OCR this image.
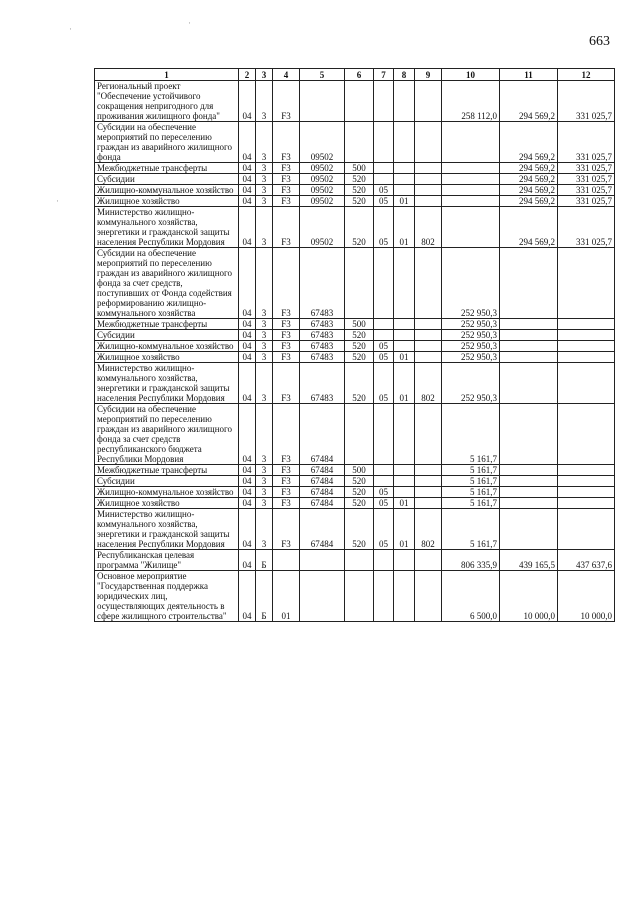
663
1	2	3	4	5	6	7	8	9	10	11	12
Региональный проект "Обеспечение устойчивого сокращения непригодного для проживания жилищного фонда"	04	3	F3						258 112,0	294 569,2	331 025,7
Субсидии на обеспечение мероприятий по переселению граждан из аварийного жилищного фонда	04	3	F3	09502						294 569,2	331 025,7
Межбюджетные трансферты	04	3	F3	09502	500					294 569,2	331 025,7
Субсидии	04	3	F3	09502	520					294 569,2	331 025,7
Жилищно-коммунальное хозяйство	04	3	F3	09502	520	05				294 569,2	331 025,7
Жилищное хозяйство	04	3	F3	09502	520	05	01			294 569,2	331 025,7
Министерство жилищно-коммунального хозяйства, энергетики и гражданской защиты населения Республики Мордовия	04	3	F3	09502	520	05	01	802		294 569,2	331 025,7
Субсидии на обеспечение мероприятий по переселению граждан из аварийного жилищного фонда за счет средств, поступивших от Фонда содействия реформированию жилищно-коммунального хозяйства	04	3	F3	67483					252 950,3		
Межбюджетные трансферты	04	3	F3	67483	500				252 950,3		
Субсидии	04	3	F3	67483	520				252 950,3		
Жилищно-коммунальное хозяйство	04	3	F3	67483	520	05			252 950,3		
Жилищное хозяйство	04	3	F3	67483	520	05	01		252 950,3		
Министерство жилищно-коммунального хозяйства, энергетики и гражданской защиты населения Республики Мордовия	04	3	F3	67483	520	05	01	802	252 950,3		
Субсидии на обеспечение мероприятий по переселению граждан из аварийного жилищного фонда за счет средств республиканского бюджета Республики Мордовия	04	3	F3	67484					5 161,7		
Межбюджетные трансферты	04	3	F3	67484	500				5 161,7		
Субсидии	04	3	F3	67484	520				5 161,7		
Жилищно-коммунальное хозяйство	04	3	F3	67484	520	05			5 161,7		
Жилищное хозяйство	04	3	F3	67484	520	05	01		5 161,7		
Министерство жилищно-коммунального хозяйства, энергетики и гражданской защиты населения Республики Мордовия	04	3	F3	67484	520	05	01	802	5 161,7		
Республиканская целевая программа "Жилище"	04	Б							806 335,9	439 165,5	437 637,6
Основное мероприятие "Государственная поддержка юридических лиц, осуществляющих деятельность в сфере жилищного строительства"	04	Б	01						6 500,0	10 000,0	10 000,0
·
·
·
